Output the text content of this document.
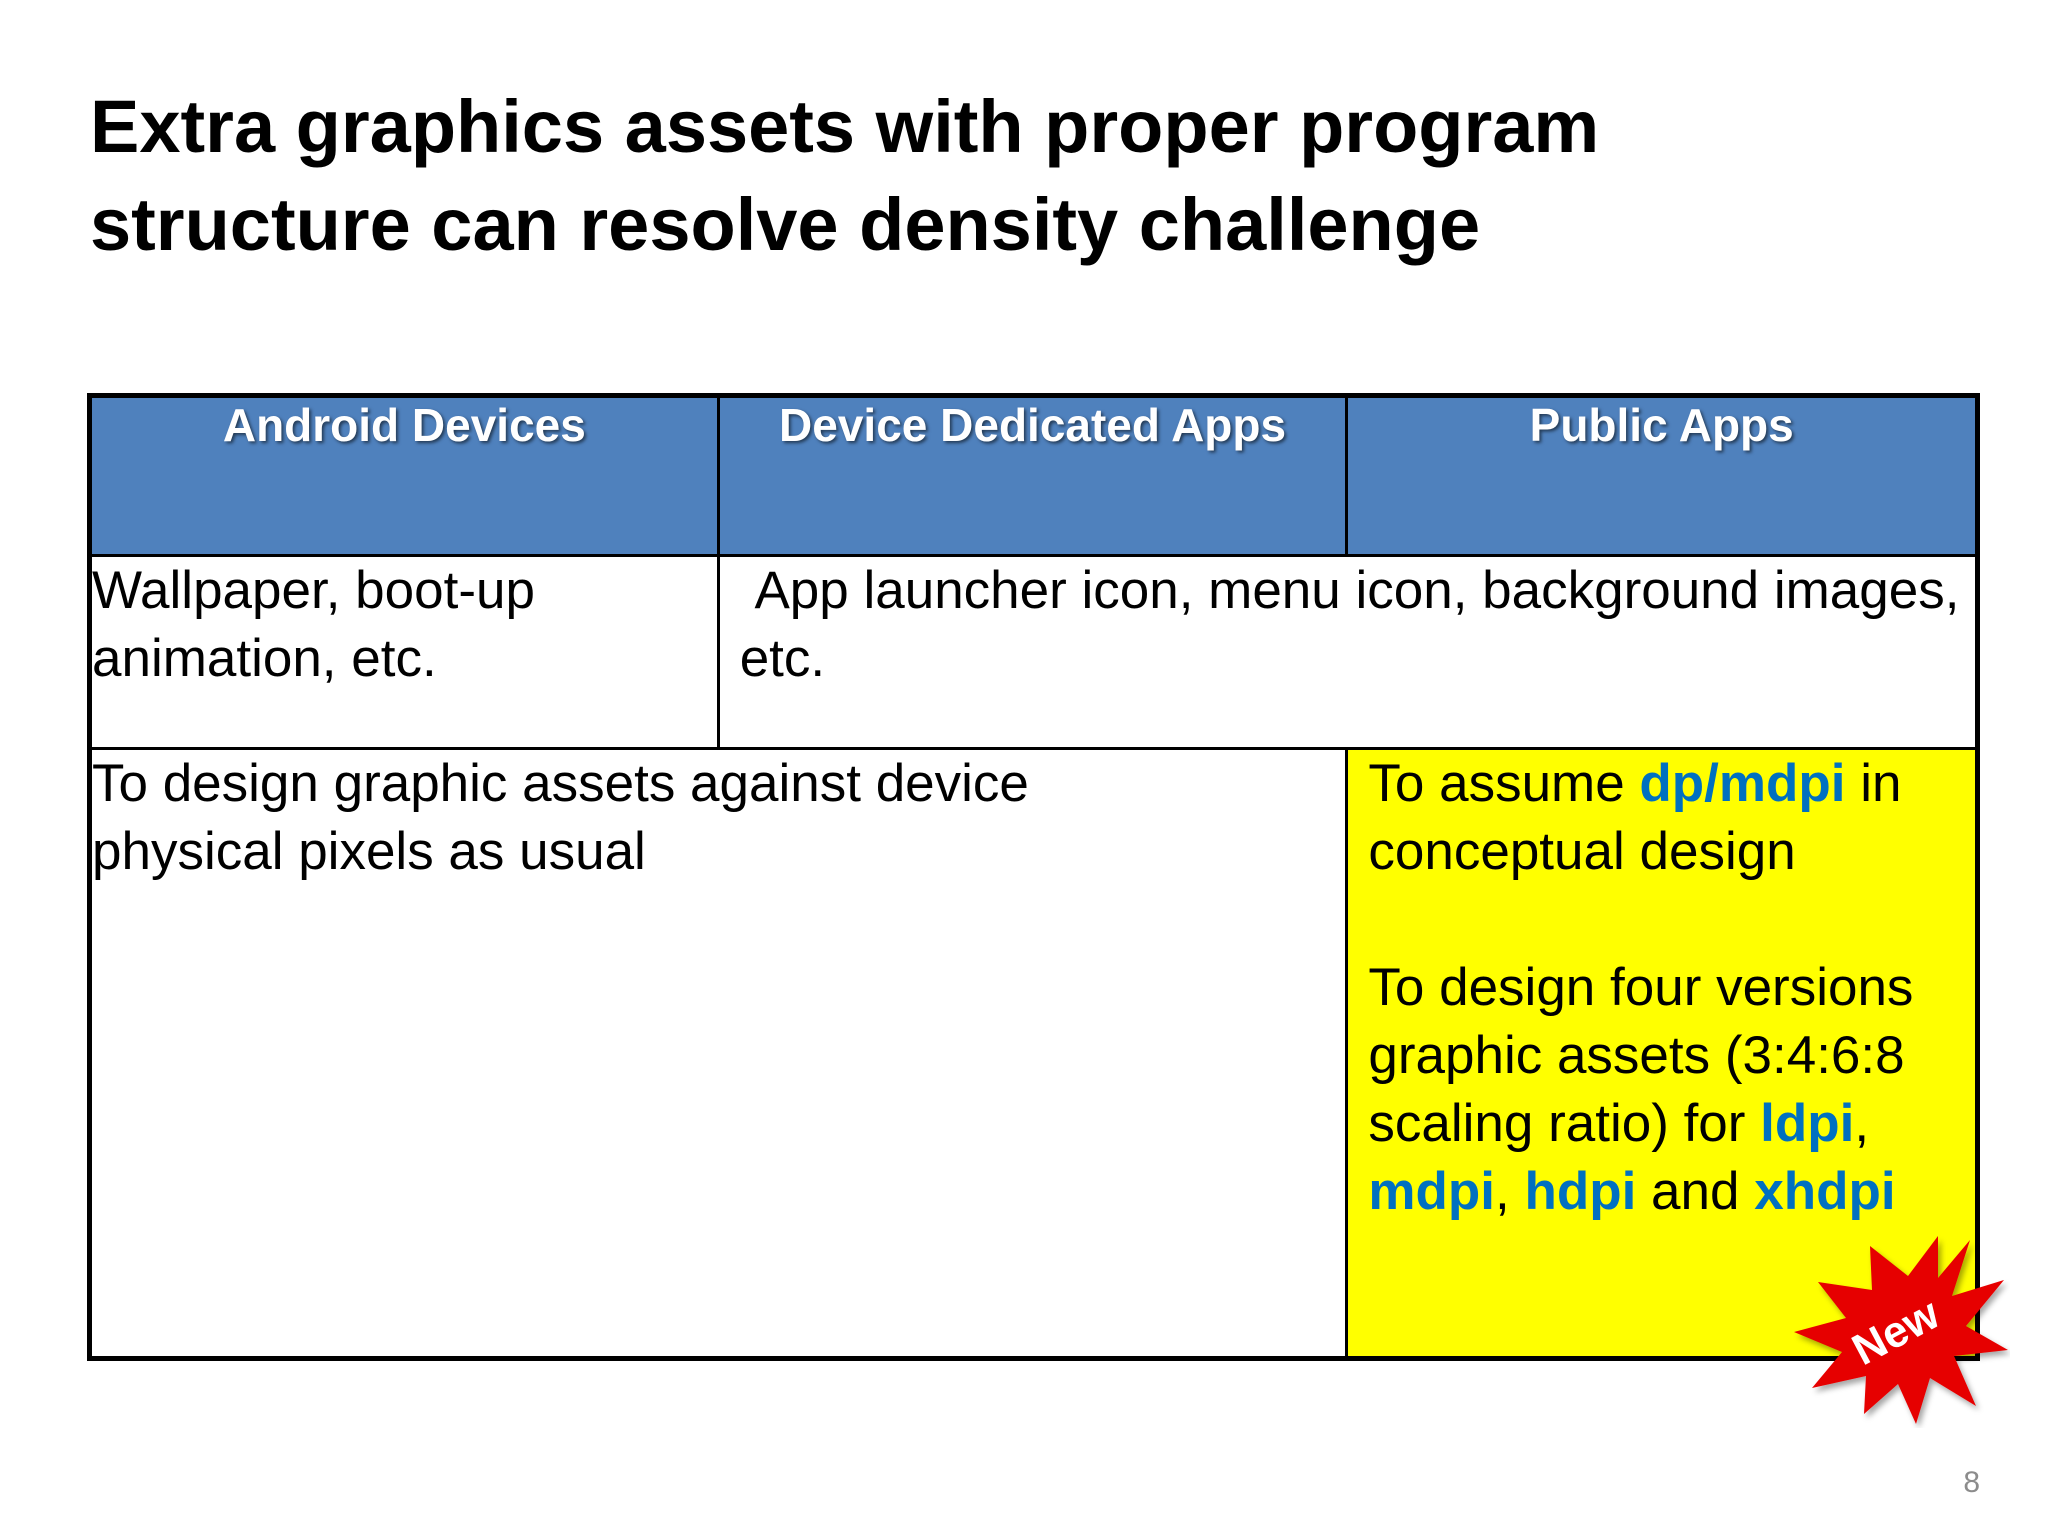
Extra graphics assets with proper program
structure can resolve density challenge
Android Devices	Device Dedicated Apps	Public Apps
Wallpaper, boot-up animation, etc.	App launcher icon, menu icon, background images, etc.	
To design graphic assets against device physical pixels as usual		To assume dp/mdpi in conceptual design
To design four versions graphic assets (3:4:6:8 scaling ratio) for ldpi, mdpi, hdpi and xhdpi
New
8
